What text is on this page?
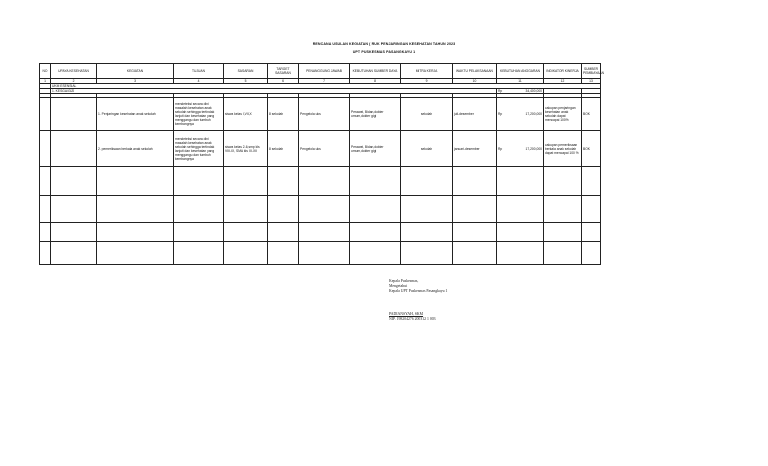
RENCANA USULAN KEGIATAN ( RUK PENJARINGAN KESEHATAN TAHUN 2023
UPT PUSKESMAS PASANGKAYU 1
NO	UPAYA KESEHATAN	KEGIATAN	TUJUAN	SASARAN	TARGET SASARAN	PENANGGUNG JAWAB	KEBUTUHAN SUMBER DAYA	MITRA KERJA	WAKTU PELAKSANAAN	KEBUTUHAN ANGGARAN	INDIKATOR KINERJA	SUMBER PEMBIAYAAN
1	2	3	4	5	6	7	8	9	10	11	12	13
	UKM ESENSIAL											
	1. KESGA/GIZI									Rp 34,400,000		

		1. Penjaringan kesehatan anak sekolah	mendeteksi secara dini masalah kesehatan anak sekolah sehingga tertindak lanjuti dan kesehatan yang menggangu dan tumbuh kembangnya	siswa kelas I,VII,X	8 sekolah	Pengelola uks	Perawat, Bidan,dokter umum,dokter gigi	sekolah	juli-desember	Rp 17,200,000	cakupan penjaringan kesehatan anak sekolah dapat mencapai 100%	BOK
		2. pemeriksaan berkala anak sekolah	mendeteksi secara dini masalah kesehatan anak sekolah sehingga tertindak lanjuti dan kesehatan yang menggangu dan tumbuh kembangnya	siswa kelas 2-6,smp kls VIII-IX, SMA kls XI-XII	8 sekolah	Pengelola uks	Perawat, Bidan,dokter umum,dokter gigi	sekolah	januari-desember	Rp 17,200,000	cakupan pemeriksaan berkala anak sekolah dapat mencapai 100 %	BOK

Kepala Puskesmas,
Mengetahui
Kepala UPT Puskesmas Pasangkayu 1
PADIANSYAH, SKM
NIP. 198204276 200312 1 003
